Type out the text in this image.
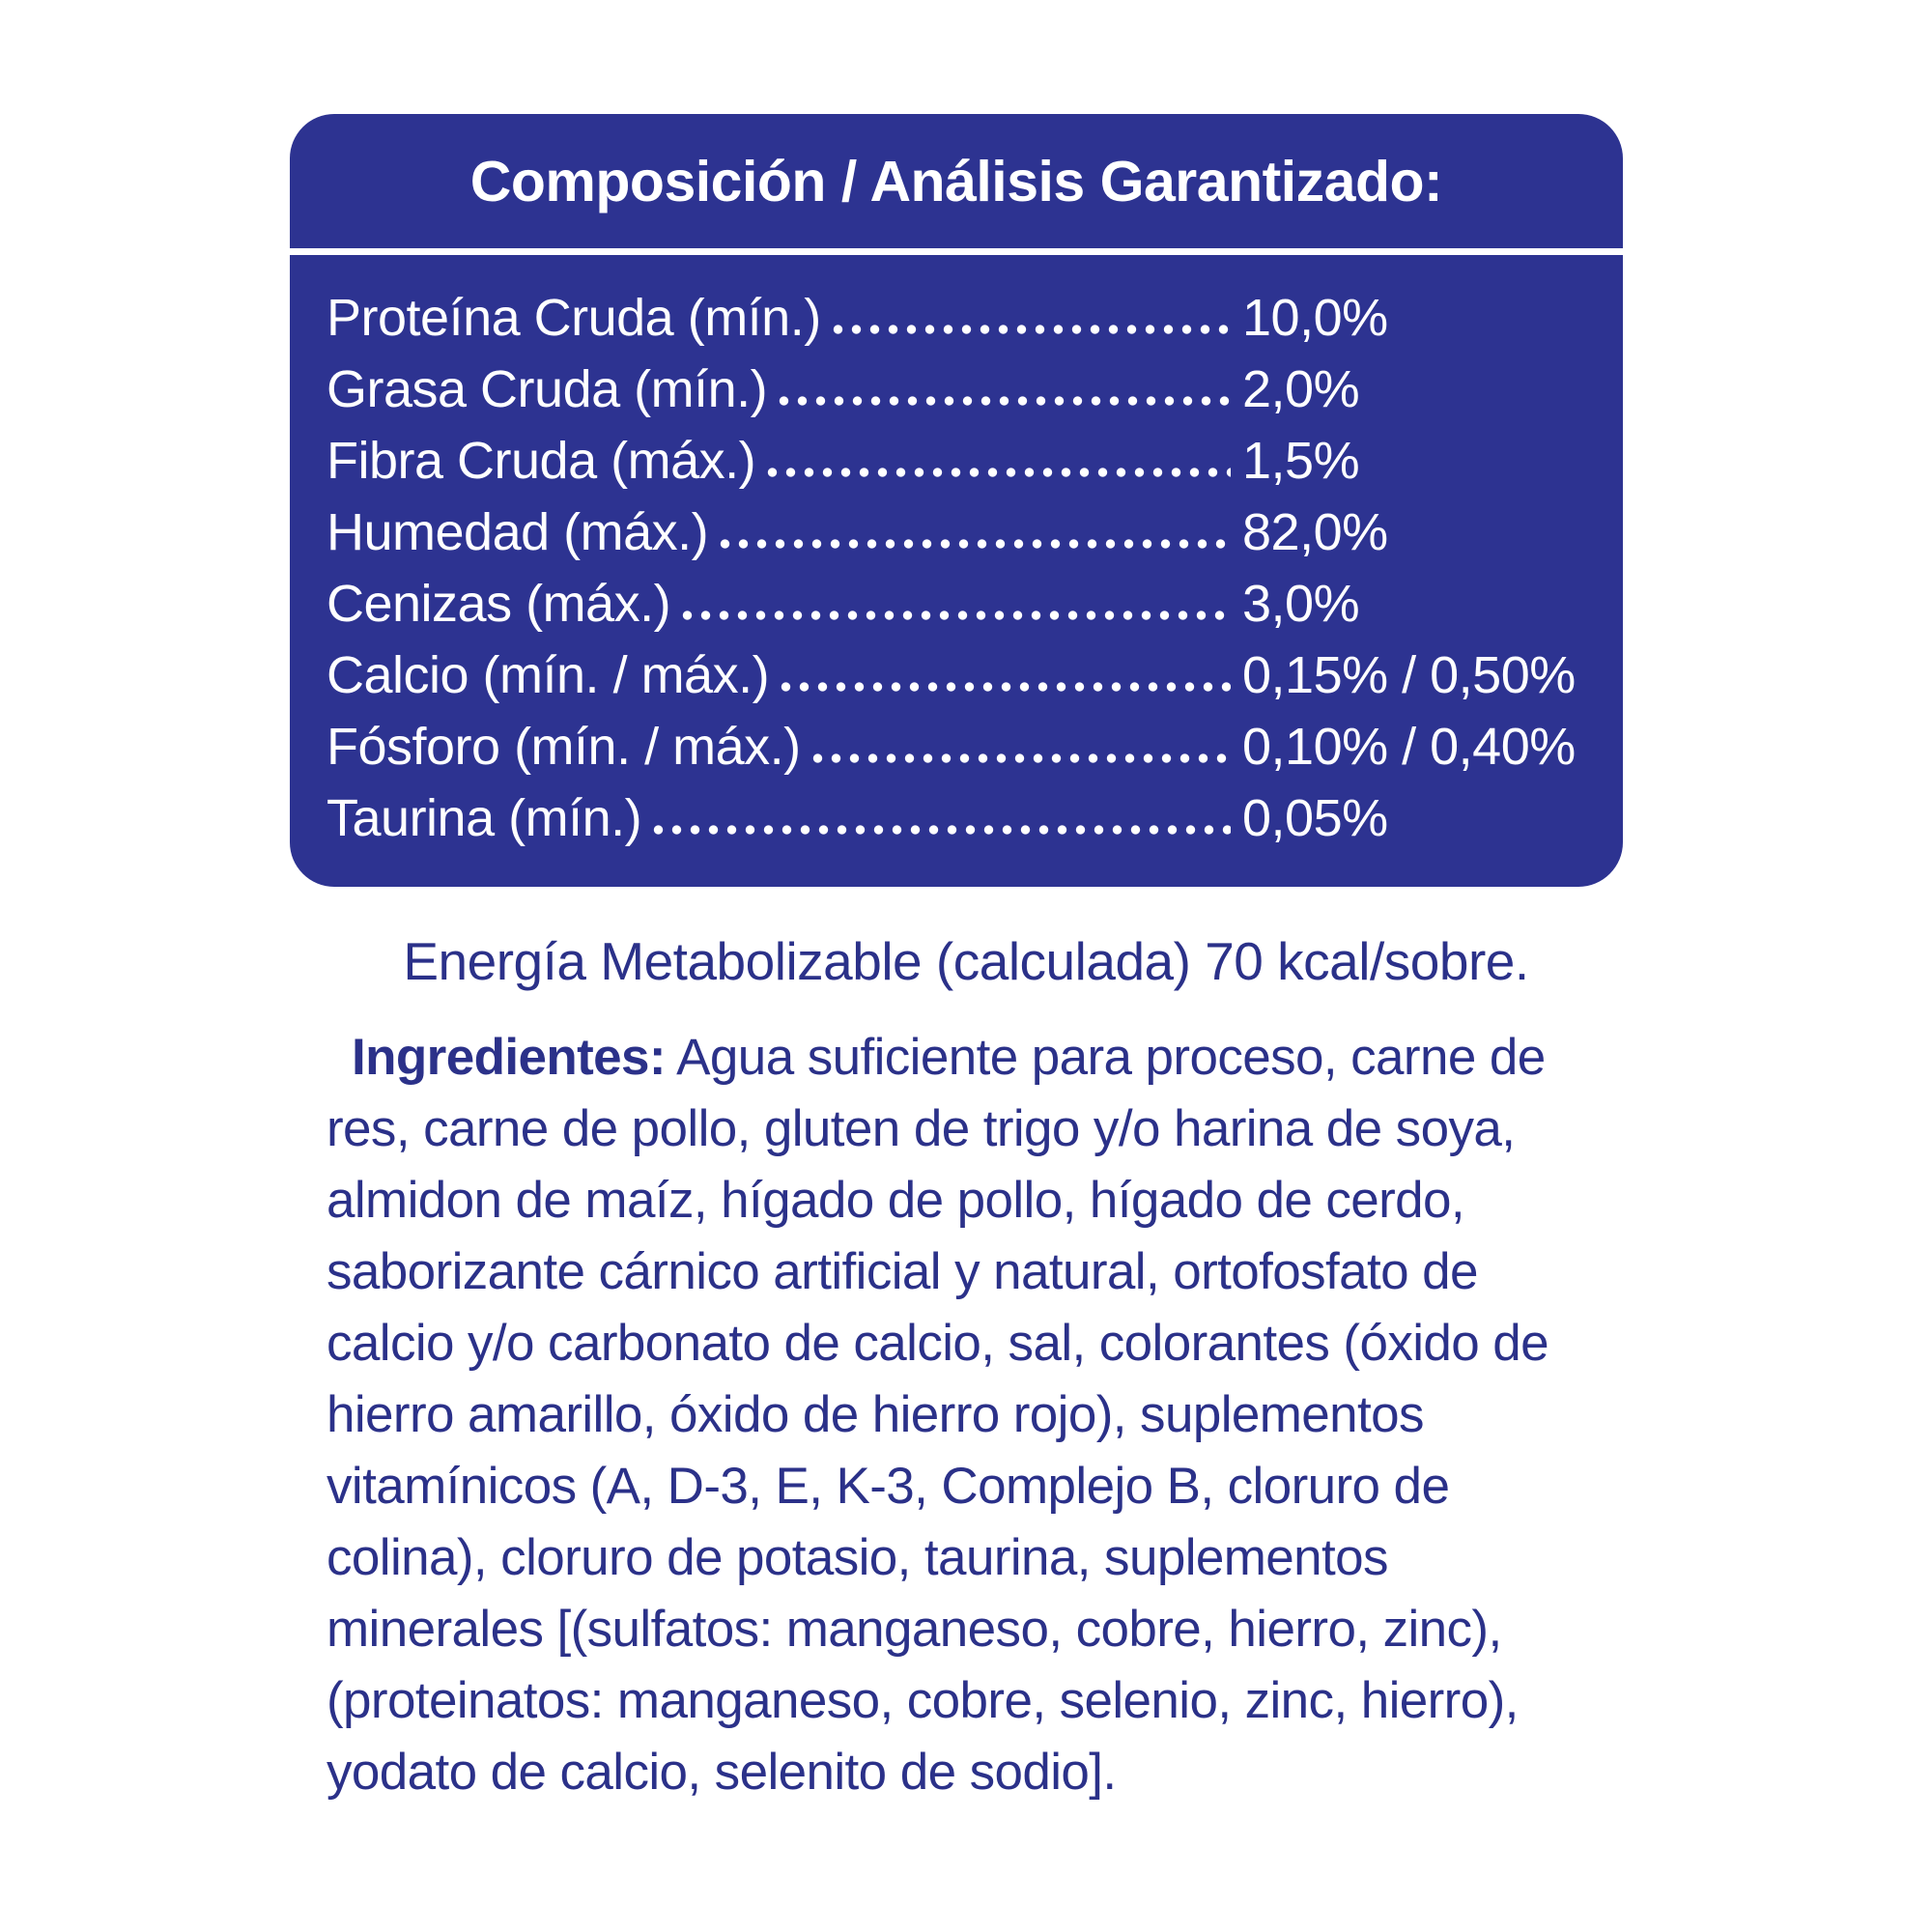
Composición / Análisis Garantizado:
Proteína Cruda (mín.)	10,0%
Grasa Cruda (mín.)	2,0%
Fibra Cruda (máx.)	1,5%
Humedad (máx.)	82,0%
Cenizas (máx.)	3,0%
Calcio (mín. / máx.)	0,15% / 0,50%
Fósforo (mín. / máx.)	0,10% / 0,40%
Taurina (mín.)	0,05%
Energía Metabolizable (calculada) 70 kcal/sobre.

Ingredientes: Agua suficiente para proceso, carne de res, carne de pollo, gluten de trigo y/o harina de soya, almidon de maíz, hígado de pollo, hígado de cerdo, saborizante cárnico artificial y natural, ortofosfato de calcio y/o carbonato de calcio, sal, colorantes (óxido de hierro amarillo, óxido de hierro rojo), suplementos vitamínicos (A, D-3, E, K-3, Complejo B, cloruro de colina), cloruro de potasio, taurina, suplementos minerales [(sulfatos: manganeso, cobre, hierro, zinc), (proteinatos: manganeso, cobre, selenio, zinc, hierro), yodato de calcio, selenito de sodio].
